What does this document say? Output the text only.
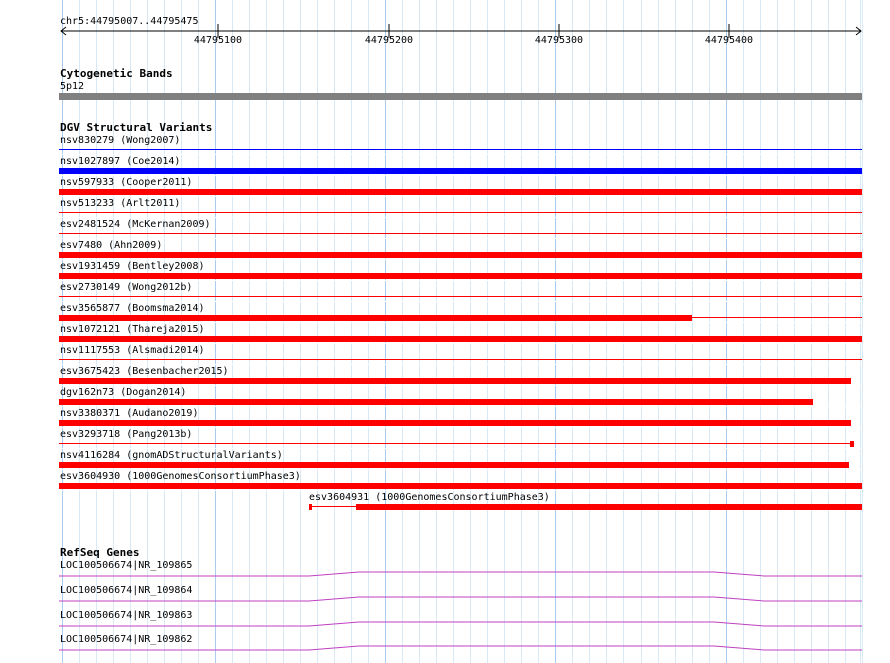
chr5:44795007..44795475
44795100	44795200	44795300	44795400
Cytogenetic Bands
5p12
DGV Structural Variants
nsv830279 (Wong2007)
nsv1027897 (Coe2014)
nsv597933 (Cooper2011)
nsv513233 (Arlt2011)
esv2481524 (McKernan2009)
esv7480 (Ahn2009)
esv1931459 (Bentley2008)
esv2730149 (Wong2012b)
esv3565877 (Boomsma2014)
nsv1072121 (Thareja2015)
nsv1117553 (Alsmadi2014)
esv3675423 (Besenbacher2015)
dgv162n73 (Dogan2014)
nsv3380371 (Audano2019)
esv3293718 (Pang2013b)
nsv4116284 (gnomADStructuralVariants)
esv3604930 (1000GenomesConsortiumPhase3)
esv3604931 (1000GenomesConsortiumPhase3)
RefSeq Genes
LOC100506674|NR_109865
LOC100506674|NR_109864
LOC100506674|NR_109863
LOC100506674|NR_109862
